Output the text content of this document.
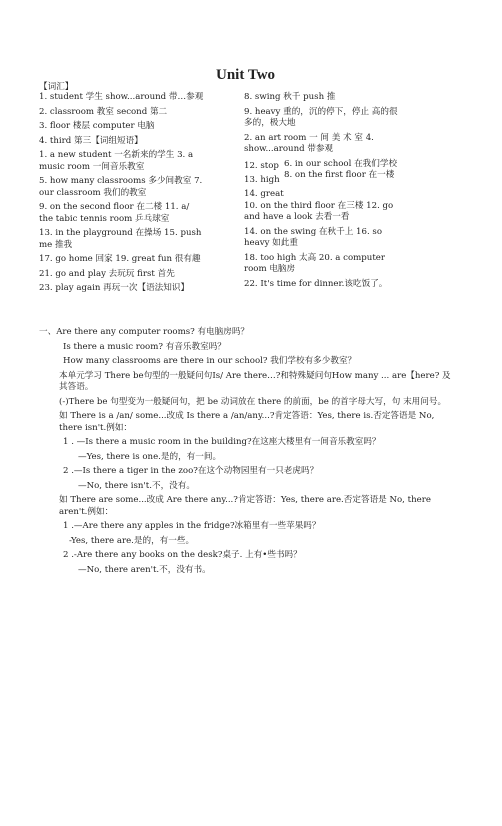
Unit Two
【词汇】

1. student 学生 show...around 带…参观

2. classroom 教室 second 第二

3. floor 楼层 computer 电脑

4. third 第三【词组短语】

1. a new student 一名新来的学生 3. a music room 一间音乐教室

5. how many classrooms 多少间教室 7. our classroom 我们的教室

9. on the second floor 在二楼 11. a/ the tabic tennis room 乒乓球室

13. in the playground 在操场 15. push me 推我

17. go home 回家 19. great fun 很有趣

21. go and play 去玩玩 first 首先

23. play again 再玩一次【语法知识】

8. swing 秋千 push 推

9. heavy 重的，沉的停下，停止 高的很多的，极大地

2. an art room 一 间 美 术 室 4. show...around 带参观

12. stop

13. high

14. great

6. in our school 在我们学校 8. on the first floor 在一楼

10. on the third floor 在三楼 12. go and have a look 去看一看

14. on the swing 在秋千上 16. so heavy 如此重

18. too high 太高 20. a computer room 电脑房

22. It's time for dinner.该吃饭了。

一、Are there any computer rooms? 有电脑房吗？

Is there a music room? 有音乐教室吗？

How many classrooms are there in our school? 我们学校有多少教室？

本单元学习 There be句型的一般疑问句Is/ Are there…?和特殊疑问句How many ... are【here? 及其答语。

(-)There be 句型变为一般疑问句，把 be 动词放在 there 的前面，be 的首字母大写，句 末用问号。

如 There is a /an/ some...改成 Is there a /an/any...?肯定答语：Yes, there is.否定答语是 No, there isn't.例如：

1 . —Is there a music room in the building?在这座大楼里有一间音乐教室吗？

—Yes, there is one.是的，有一间。

2 .—Is there a tiger in the zoo?在这个动物园里有一只老虎吗？

—No, there isn't.不，没有。

如 There are some...改成 Are there any...?肯定答语：Yes, there are.否定答语是 No, there aren't.例如：

1 .—Are there any apples in the fridge?冰箱里有一些苹果吗？

-Yes, there are.是的，有一些。

2 .-Are there any books on the desk?桌子. 上有•些书吗？

—No, there aren't.不，没有书。
